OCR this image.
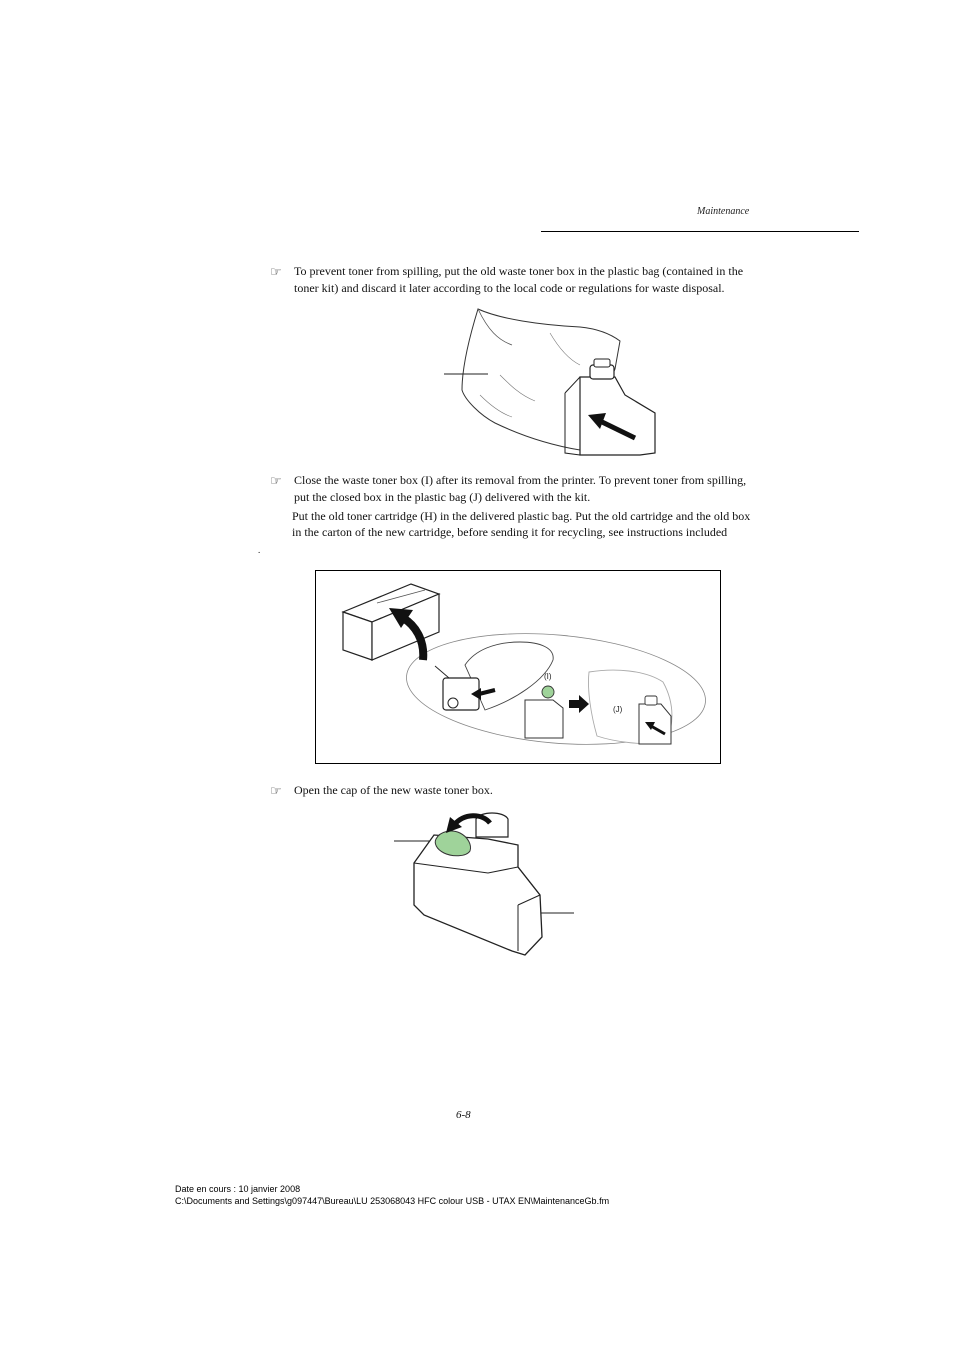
Maintenance
☞	To prevent toner from spilling, put the old waste toner box in the plastic bag (contained in the
toner kit) and discard it later according to the local code or regulations for waste disposal.
☞	Close the waste toner box (I) after its removal from the printer. To prevent toner from spilling,
put the closed box in the plastic bag (J) delivered with the kit.
Put the old toner cartridge (H) in the delivered plastic bag. Put the old cartridge and the old box
in the carton of the new cartridge, before sending it for recycling, see instructions included
.
(I)
(J)
☞	Open the cap of the new waste toner box.
6-8
Date en cours : 10 janvier 2008
C:\Documents and Settings\g097447\Bureau\LU 253068043 HFC colour USB - UTAX EN\MaintenanceGb.fm
